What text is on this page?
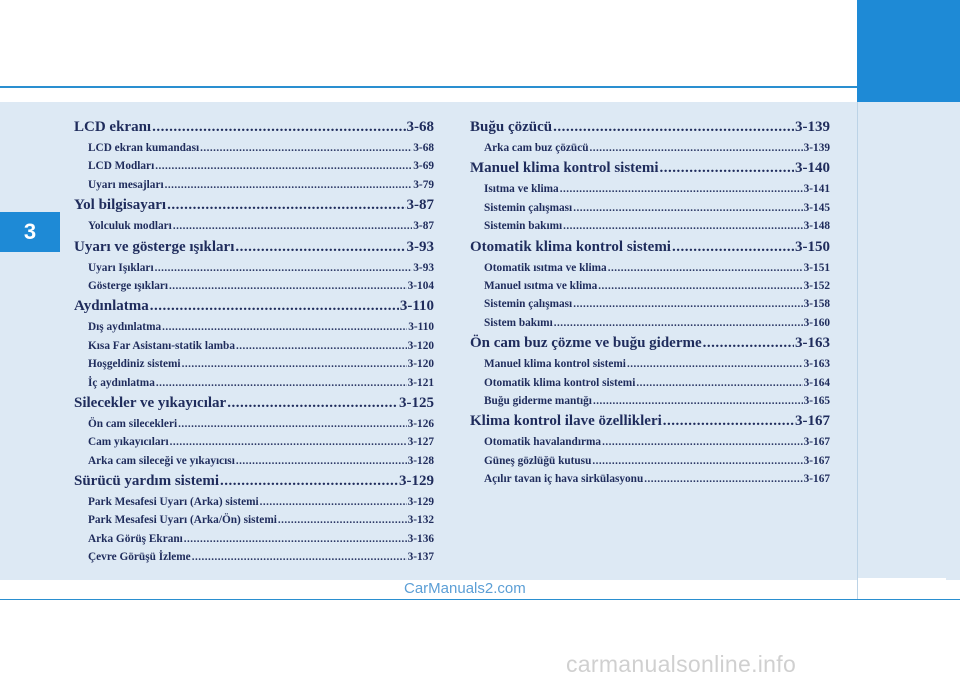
3
LCD ekranı .....	3-68
LCD ekran kumandası .....	3-68
LCD Modları .....	3-69
Uyarı mesajları .....	3-79
Yol bilgisayarı .....	3-87
Yolculuk modları .....	3-87
Uyarı ve gösterge ışıkları .....	3-93
Uyarı Işıkları .....	3-93
Gösterge ışıkları .....	3-104
Aydınlatma .....	3-110
Dış aydınlatma .....	3-110
Kısa Far Asistanı-statik lamba .....	3-120
Hoşgeldiniz sistemi .....	3-120
İç aydınlatma .....	3-121
Silecekler ve yıkayıcılar .....	3-125
Ön cam silecekleri .....	3-126
Cam yıkayıcıları .....	3-127
Arka cam sileceği ve yıkayıcısı .....	3-128
Sürücü yardım sistemi .....	3-129
Park Mesafesi Uyarı (Arka) sistemi .....	3-129
Park Mesafesi Uyarı (Arka/Ön) sistemi .....	3-132
Arka Görüş Ekranı .....	3-136
Çevre Görüşü İzleme .....	3-137
Buğu çözücü .....	3-139
Arka cam buz çözücü .....	3-139
Manuel klima kontrol sistemi .....	3-140
Isıtma ve klima .....	3-141
Sistemin çalışması .....	3-145
Sistemin bakımı .....	3-148
Otomatik klima kontrol sistemi .....	3-150
Otomatik ısıtma ve klima .....	3-151
Manuel ısıtma ve klima .....	3-152
Sistemin çalışması .....	3-158
Sistem bakımı .....	3-160
Ön cam buz çözme ve buğu giderme .....	3-163
Manuel klima kontrol sistemi .....	3-163
Otomatik klima kontrol sistemi .....	3-164
Buğu giderme mantığı .....	3-165
Klima kontrol ilave özellikleri .....	3-167
Otomatik havalandırma .....	3-167
Güneş gözlüğü kutusu .....	3-167
Açılır tavan iç hava sirkülasyonu .....	3-167
CarManuals2.com
carmanualsonline.info
